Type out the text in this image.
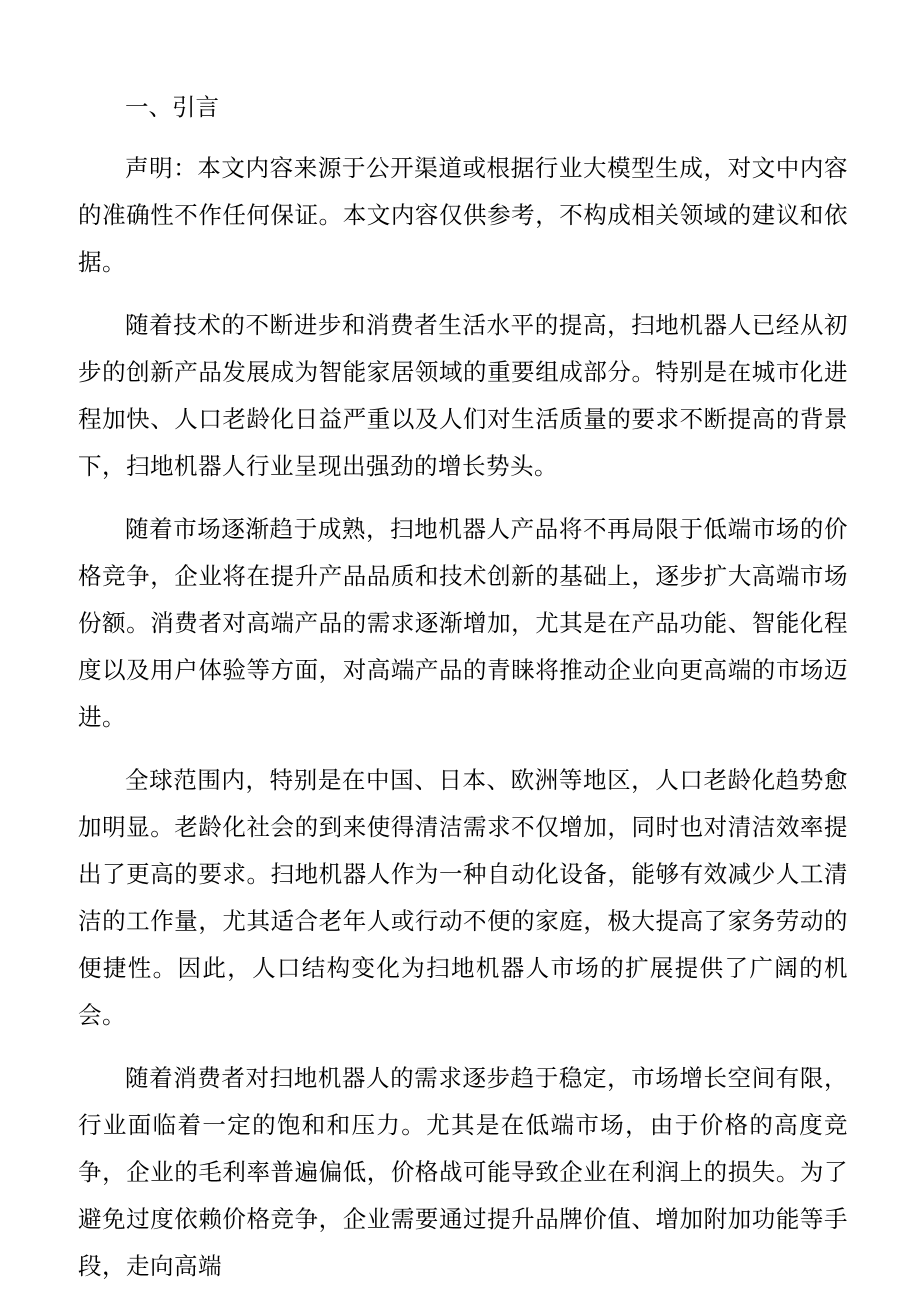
一、引言

声明：本文内容来源于公开渠道或根据行业大模型生成，对文中内容的准确性不作任何保证。本文内容仅供参考，不构成相关领域的建议和依据。

随着技术的不断进步和消费者生活水平的提高，扫地机器人已经从初步的创新产品发展成为智能家居领域的重要组成部分。特别是在城市化进程加快、人口老龄化日益严重以及人们对生活质量的要求不断提高的背景下，扫地机器人行业呈现出强劲的增长势头。

随着市场逐渐趋于成熟，扫地机器人产品将不再局限于低端市场的价格竞争，企业将在提升产品品质和技术创新的基础上，逐步扩大高端市场份额。消费者对高端产品的需求逐渐增加，尤其是在产品功能、智能化程度以及用户体验等方面，对高端产品的青睐将推动企业向更高端的市场迈进。

全球范围内，特别是在中国、日本、欧洲等地区，人口老龄化趋势愈加明显。老龄化社会的到来使得清洁需求不仅增加，同时也对清洁效率提出了更高的要求。扫地机器人作为一种自动化设备，能够有效减少人工清洁的工作量，尤其适合老年人或行动不便的家庭，极大提高了家务劳动的便捷性。因此，人口结构变化为扫地机器人市场的扩展提供了广阔的机会。

随着消费者对扫地机器人的需求逐步趋于稳定，市场增长空间有限，行业面临着一定的饱和和压力。尤其是在低端市场，由于价格的高度竞争，企业的毛利率普遍偏低，价格战可能导致企业在利润上的损失。为了避免过度依赖价格竞争，企业需要通过提升品牌价值、增加附加功能等手段，走向高端
